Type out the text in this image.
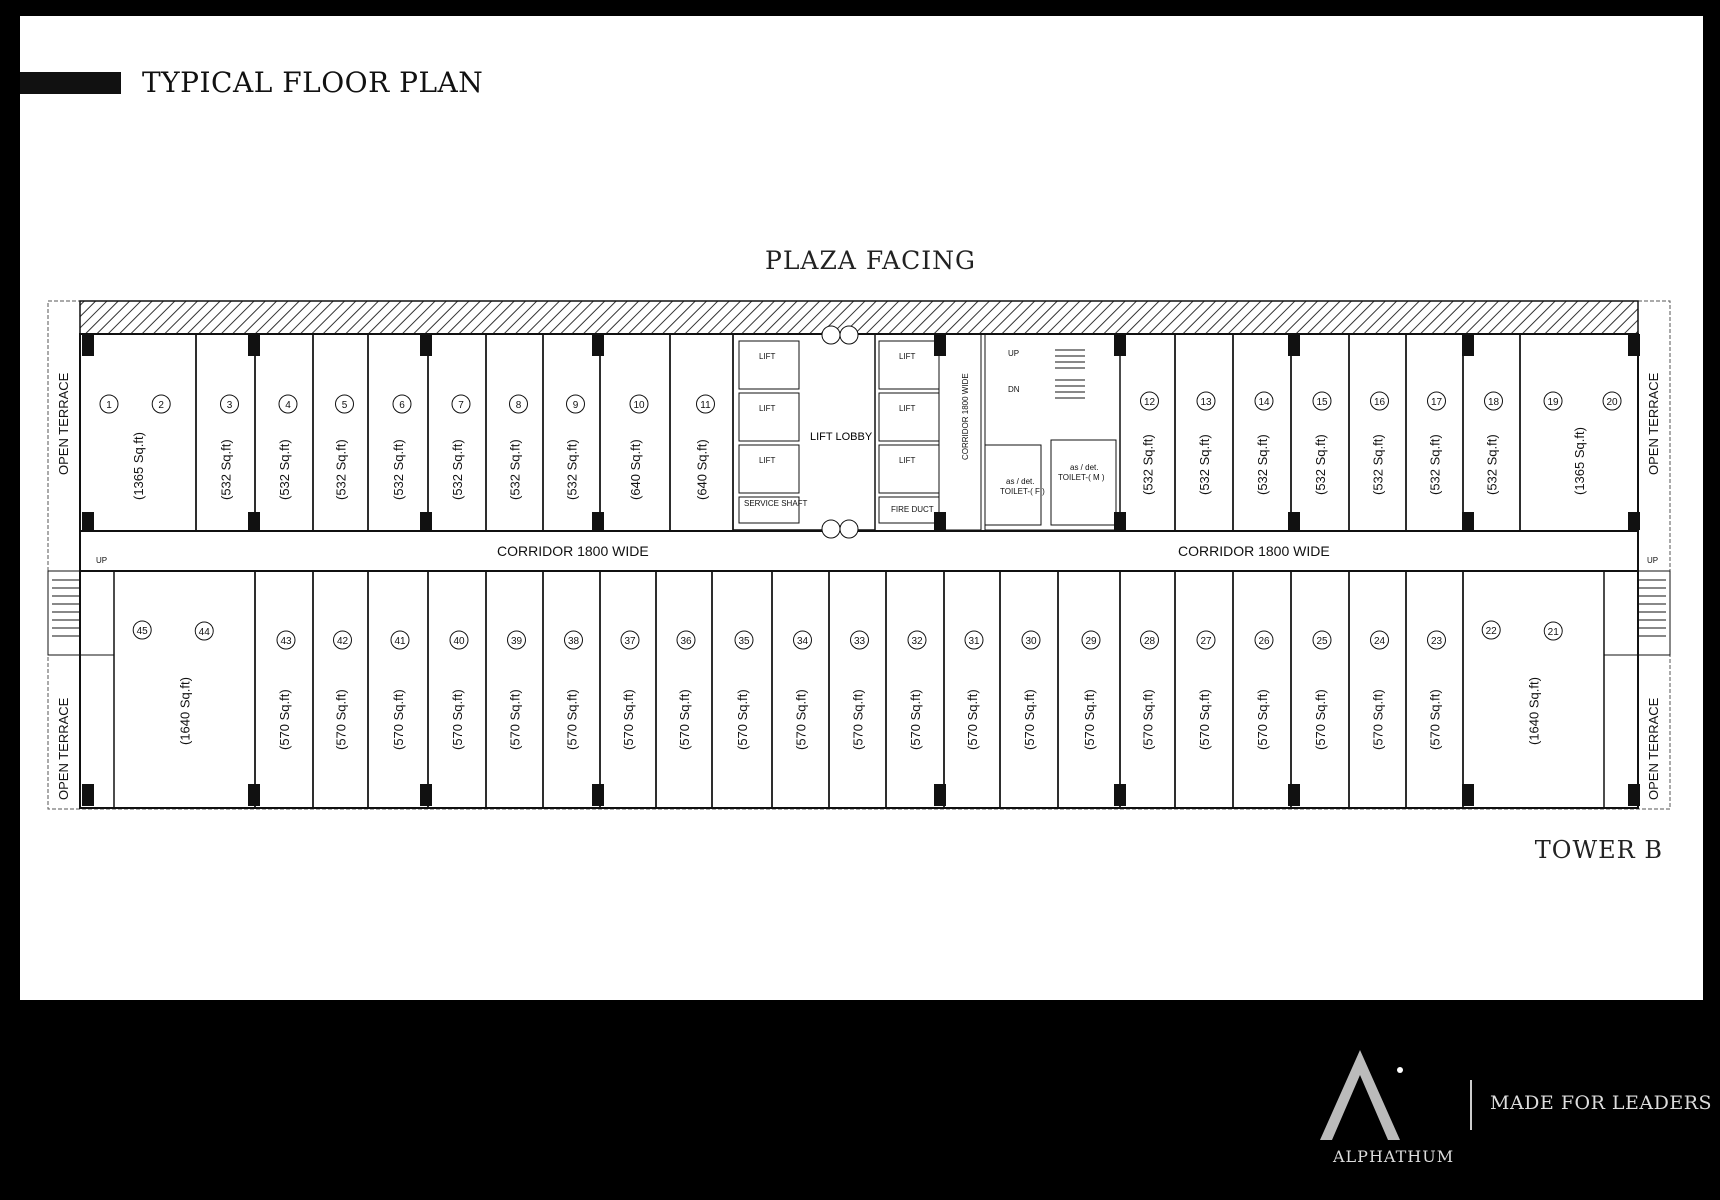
TYPICAL FLOOR PLAN
PLAZA FACING
TOWER B
1	2
(1365 Sq.ft)
3
(532 Sq.ft)
4
(532 Sq.ft)
5
(532 Sq.ft)
6
(532 Sq.ft)
7
(532 Sq.ft)
8
(532 Sq.ft)
9
(532 Sq.ft)
10
(640 Sq.ft)
11
(640 Sq.ft)
12
(532 Sq.ft)
13
(532 Sq.ft)
14
(532 Sq.ft)
15
(532 Sq.ft)
16
(532 Sq.ft)
17
(532 Sq.ft)
18
(532 Sq.ft)
19	20
(1365 Sq.ft)
45	44
(1640 Sq.ft)
43
(570 Sq.ft)
42
(570 Sq.ft)
41
(570 Sq.ft)
40
(570 Sq.ft)
39
(570 Sq.ft)
38
(570 Sq.ft)
37
(570 Sq.ft)
36
(570 Sq.ft)
35
(570 Sq.ft)
34
(570 Sq.ft)
33
(570 Sq.ft)
32
(570 Sq.ft)
31
(570 Sq.ft)
30
(570 Sq.ft)
29
(570 Sq.ft)
28
(570 Sq.ft)
27
(570 Sq.ft)
26
(570 Sq.ft)
25
(570 Sq.ft)
24
(570 Sq.ft)
23
(570 Sq.ft)
22	21
(1640 Sq.ft)
LIFT
LIFT
LIFT
LIFT
LIFT
LIFT
LIFT LOBBY
SERVICE SHAFT
FIRE DUCT
UP
DN
as / det.
TOILET-( F )
as / det.
TOILET-( M )
CORRIDOR 1800 WIDE
UP	UP
CORRIDOR 1800 WIDE	CORRIDOR 1800 WIDE
OPEN TERRACE
OPEN TERRACE
OPEN TERRACE
OPEN TERRACE
ALPHATHUM
MADE FOR LEADERS
